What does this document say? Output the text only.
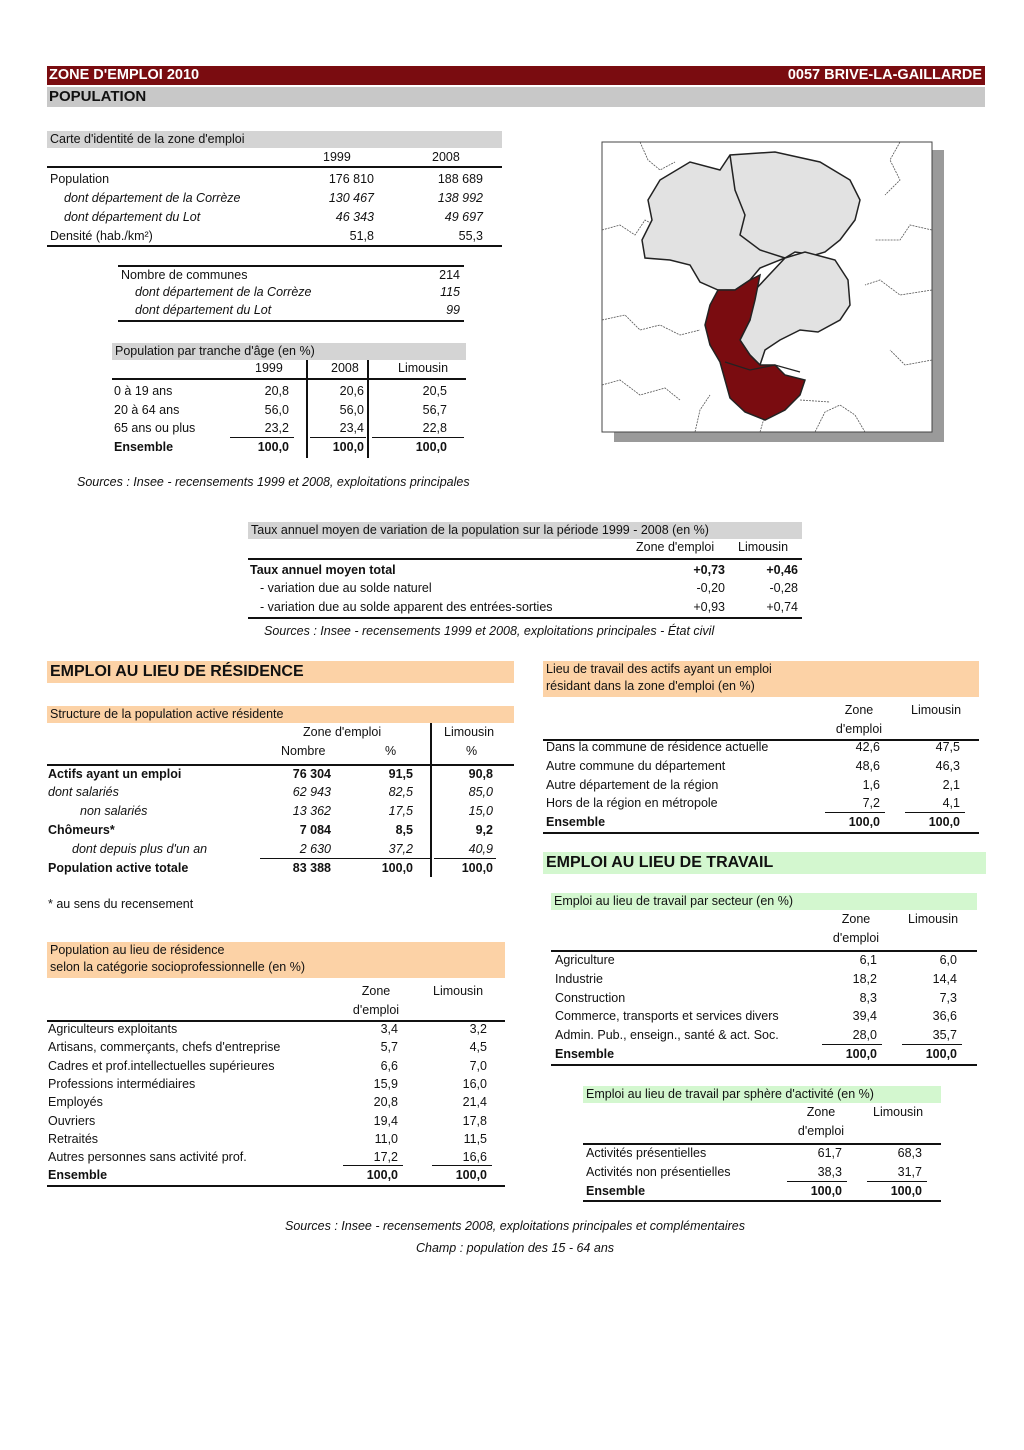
ZONE D'EMPLOI 2010	0057 BRIVE-LA-GAILLARDE
POPULATION
Carte d'identité de la zone d'emploi
1999	2008
Population	176 810	188 689
dont département de la Corrèze	130 467	138 992
dont département du Lot	46 343	49 697
Densité (hab./km²)	51,8	55,3
Nombre de communes	214
dont département de la Corrèze	115
dont département du Lot	99
Population par tranche d'âge (en %)
1999	2008	Limousin
0 à 19 ans	20,8	20,6	20,5
20 à 64 ans	56,0	56,0	56,7
65 ans ou plus	23,2	23,4	22,8
Ensemble	100,0	100,0	100,0
Sources : Insee - recensements 1999 et 2008, exploitations principales
Taux annuel moyen de variation de la population sur la période 1999 - 2008 (en %)
Zone d'emploi Limousin
Taux annuel moyen total	+0,73	+0,46
- variation due au solde naturel	-0,20	-0,28
- variation due au solde apparent des entrées-sorties	+0,93	+0,74
Sources : Insee - recensements 1999 et 2008, exploitations principales - État civil
EMPLOI AU LIEU DE RÉSIDENCE
Structure de la population active résidente
Zone d'emploi	Limousin
Nombre	%	%
Actifs ayant un emploi	76 304	91,5	90,8
dont salariés	62 943	82,5	85,0
non salariés	13 362	17,5	15,0
Chômeurs*	7 084	8,5	9,2
dont depuis plus d'un an	2 630	37,2	40,9
Population active totale	83 388	100,0	100,0
* au sens du recensement
Population au lieu de résidence
selon la catégorie socioprofessionnelle (en %)
Zone
d'emploi
Limousin
Agriculteurs exploitants	3,4	3,2
Artisans, commerçants, chefs d'entreprise	5,7	4,5
Cadres et prof.intellectuelles supérieures	6,6	7,0
Professions intermédiaires	15,9	16,0
Employés	20,8	21,4
Ouvriers	19,4	17,8
Retraités	11,0	11,5
Autres personnes sans activité prof.	17,2	16,6
Ensemble	100,0	100,0
Lieu de travail des actifs ayant un emploi
résidant dans la zone d'emploi (en %)
Zone
d'emploi
Limousin
Dans la commune de résidence actuelle	42,6	47,5
Autre commune du département	48,6	46,3
Autre département de la région	1,6	2,1
Hors de la région en métropole	7,2	4,1
Ensemble	100,0	100,0
EMPLOI AU LIEU DE TRAVAIL
Emploi au lieu de travail par secteur (en %)
Zone
d'emploi
Limousin
Agriculture	6,1	6,0
Industrie	18,2	14,4
Construction	8,3	7,3
Commerce, transports et services divers	39,4	36,6
Admin. Pub., enseign., santé & act. Soc.	28,0	35,7
Ensemble	100,0	100,0
Emploi au lieu de travail par sphère d'activité (en %)
Zone
d'emploi
Limousin
Activités présentielles	61,7	68,3
Activités non présentielles	38,3	31,7
Ensemble	100,0	100,0
Sources : Insee - recensements 2008, exploitations principales et complémentaires
Champ : population des 15 - 64 ans
